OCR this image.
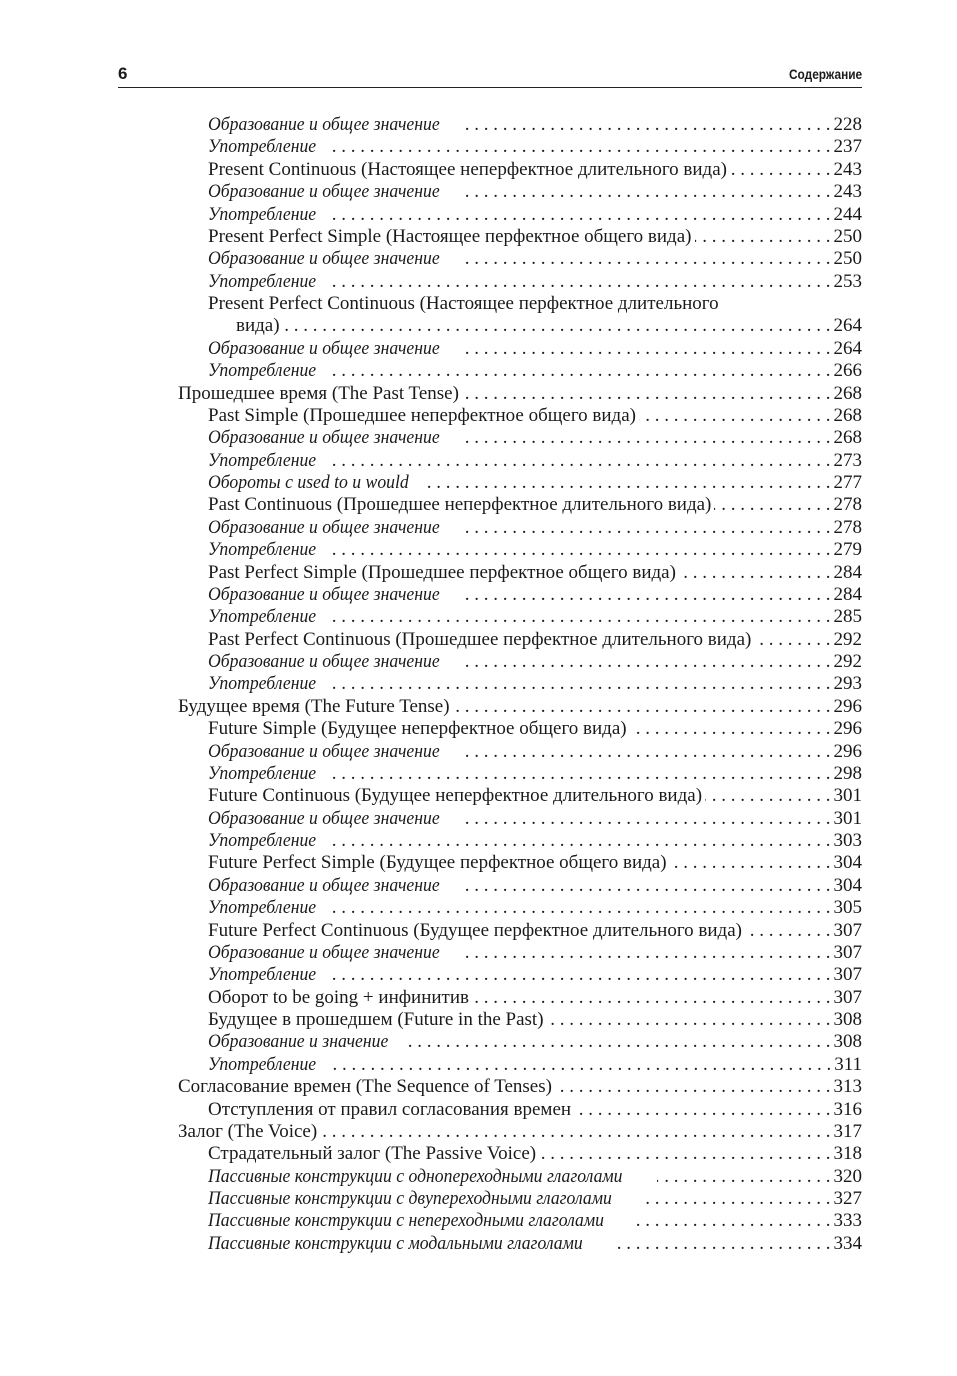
6	Содержание
Образование и общее значение . . .	228
Употребление . . .	237
Present Continuous (Настоящее неперфектное длительного вида) . . .	243
Образование и общее значение . . .	243
Употребление . . .	244
Present Perfect Simple (Настоящее перфектное общего вида) . . .	250
Образование и общее значение . . .	250
Употребление . . .	253
Present Perfect Continuous (Настоящее перфектное длительного
вида) . . .	264
Образование и общее значение . . .	264
Употребление . . .	266
Прошедшее время (The Past Tense) . . .	268
Past Simple (Прошедшее неперфектное общего вида) . . .	268
Образование и общее значение . . .	268
Употребление . . .	273
Обороты с used to и would . . .	277
Past Continuous (Прошедшее неперфектное длительного вида) . . .	278
Образование и общее значение . . .	278
Употребление . . .	279
Past Perfect Simple (Прошедшее перфектное общего вида) . . .	284
Образование и общее значение . . .	284
Употребление . . .	285
Past Perfect Continuous (Прошедшее перфектное длительного вида) . . .	292
Образование и общее значение . . .	292
Употребление . . .	293
Будущее время (The Future Tense) . . .	296
Future Simple (Будущее неперфектное общего вида) . . .	296
Образование и общее значение . . .	296
Употребление . . .	298
Future Continuous (Будущее неперфектное длительного вида) . . .	301
Образование и общее значение . . .	301
Употребление . . .	303
Future Perfect Simple (Будущее перфектное общего вида) . . .	304
Образование и общее значение . . .	304
Употребление . . .	305
Future Perfect Continuous (Будущее перфектное длительного вида) . . .	307
Образование и общее значение . . .	307
Употребление . . .	307
Оборот to be going + инфинитив . . .	307
Будущее в прошедшем (Future in the Past) . . .	308
Образование и значение . . .	308
Употребление . . .	311
Согласование времен (The Sequence of Tenses) . . .	313
Отступления от правил согласования времен . . .	316
Залог (The Voice) . . .	317
Страдательный залог (The Passive Voice) . . .	318
Пассивные конструкции с однопереходными глаголами . . .	320
Пассивные конструкции с двупереходными глаголами . . .	327
Пассивные конструкции с непереходными глаголами . . .	333
Пассивные конструкции с модальными глаголами . . .	334
